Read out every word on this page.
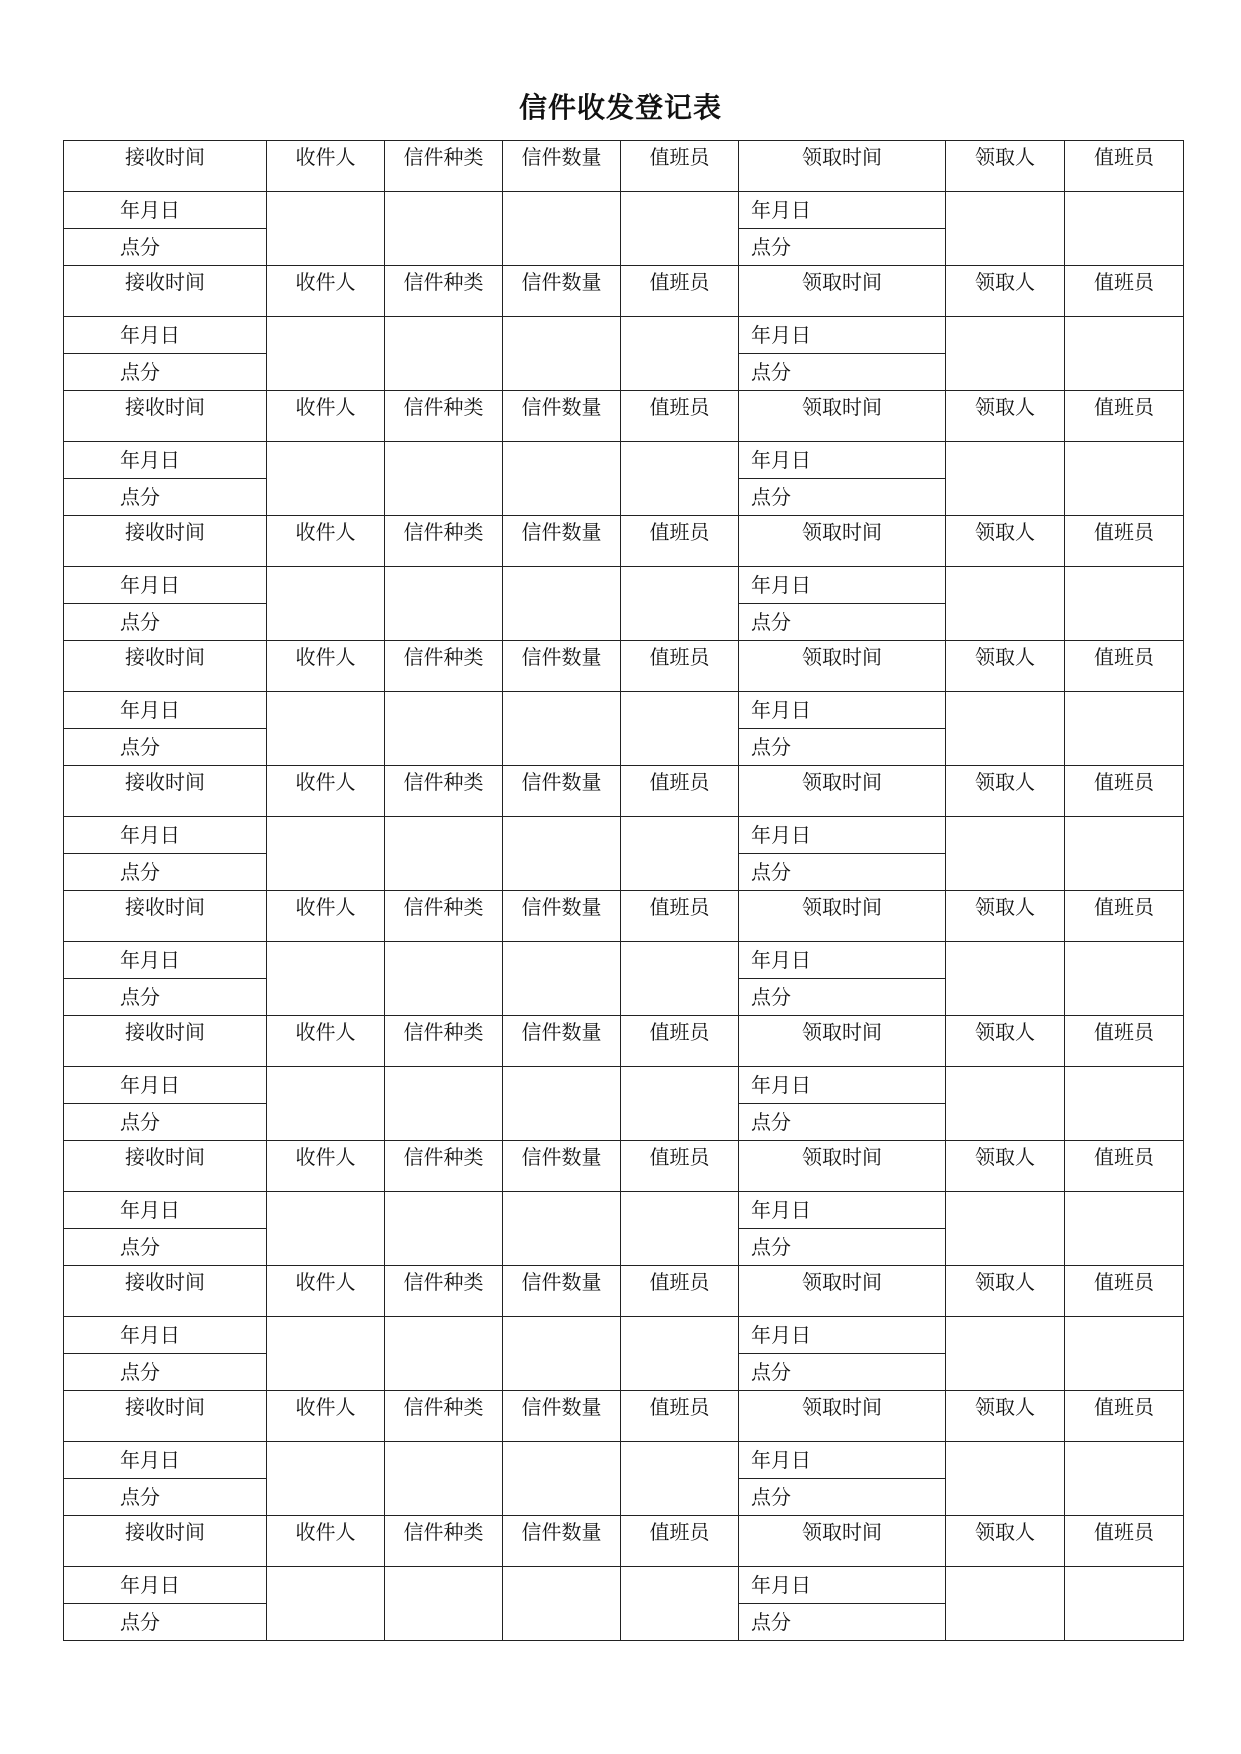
信件收发登记表
接收时间	收件人	信件种类	信件数量	值班员	领取时间	领取人	值班员
年月日					年月日		
点分					点分		
接收时间	收件人	信件种类	信件数量	值班员	领取时间	领取人	值班员
年月日					年月日		
点分					点分		
接收时间	收件人	信件种类	信件数量	值班员	领取时间	领取人	值班员
年月日					年月日		
点分					点分		
接收时间	收件人	信件种类	信件数量	值班员	领取时间	领取人	值班员
年月日					年月日		
点分					点分		
接收时间	收件人	信件种类	信件数量	值班员	领取时间	领取人	值班员
年月日					年月日		
点分					点分		
接收时间	收件人	信件种类	信件数量	值班员	领取时间	领取人	值班员
年月日					年月日		
点分					点分		
接收时间	收件人	信件种类	信件数量	值班员	领取时间	领取人	值班员
年月日					年月日		
点分					点分		
接收时间	收件人	信件种类	信件数量	值班员	领取时间	领取人	值班员
年月日					年月日		
点分					点分		
接收时间	收件人	信件种类	信件数量	值班员	领取时间	领取人	值班员
年月日					年月日		
点分					点分		
接收时间	收件人	信件种类	信件数量	值班员	领取时间	领取人	值班员
年月日					年月日		
点分					点分		
接收时间	收件人	信件种类	信件数量	值班员	领取时间	领取人	值班员
年月日					年月日		
点分					点分		
接收时间	收件人	信件种类	信件数量	值班员	领取时间	领取人	值班员
年月日					年月日		
点分					点分		
